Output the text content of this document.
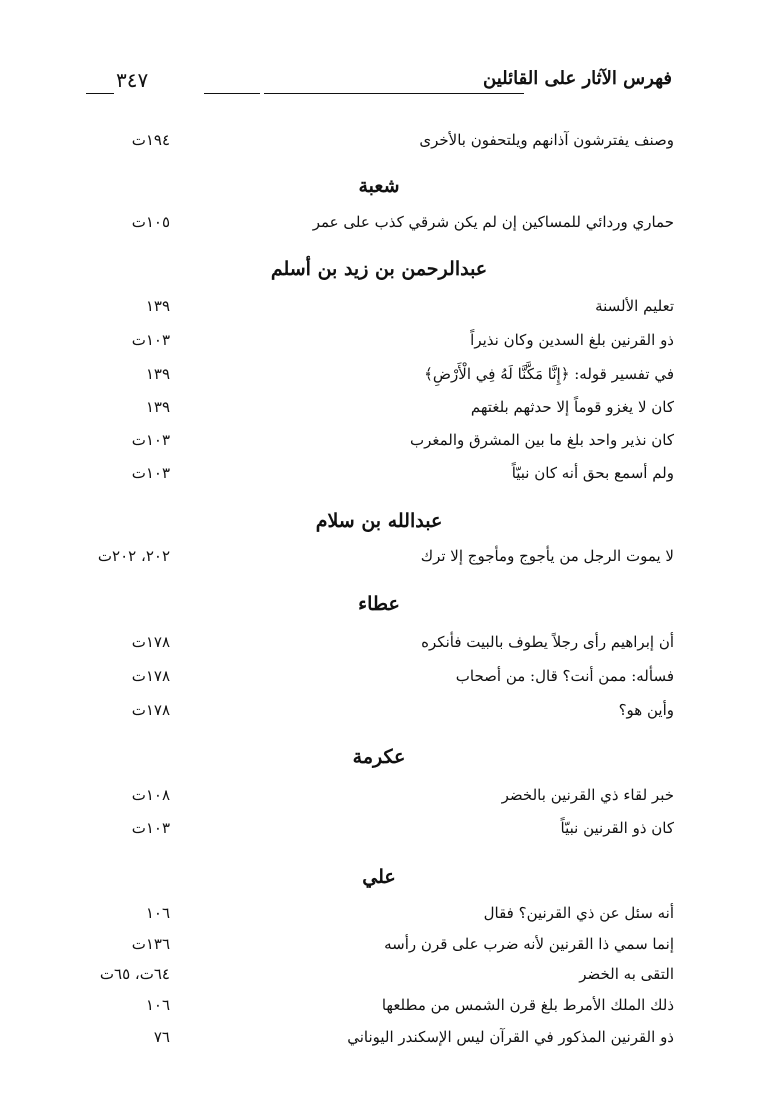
٣٤٧	فهرس الآثار على القائلين
وصنف يفترشون آذانهم ويلتحفون بالأخرى
١٩٤ت
شعبة
حماري وردائي للمساكين إن لم يكن شرقي كذب على عمر
١٠٥ت
عبدالرحمن بن زيد بن أسلم
تعليم الألسنة
١٣٩
ذو القرنين بلغ السدين وكان نذيراً
١٠٣ت
في تفسير قوله: ﴿إِنَّا مَكَّنَّا لَهُ فِي الْأَرْضِ﴾
١٣٩
كان لا يغزو قوماً إلا حدثهم بلغتهم
١٣٩
كان نذير واحد بلغ ما بين المشرق والمغرب
١٠٣ت
ولم أسمع بحق أنه كان نبيّاً
١٠٣ت
عبدالله بن سلام
لا يموت الرجل من يأجوج ومأجوج إلا ترك
٢٠٢، ٢٠٢ت
عطاء
أن إبراهيم رأى رجلاً يطوف بالبيت فأنكره
١٧٨ت
فسأله: ممن أنت؟ قال: من أصحاب
١٧٨ت
وأين هو؟
١٧٨ت
عكرمة
خبر لقاء ذي القرنين بالخضر
١٠٨ت
كان ذو القرنين نبيّاً
١٠٣ت
علي
أنه سئل عن ذي القرنين؟ فقال
١٠٦
إنما سمي ذا القرنين لأنه ضرب على قرن رأسه
١٣٦ت
التقى به الخضر
٦٤ت، ٦٥ت
ذلك الملك الأمرط بلغ قرن الشمس من مطلعها
١٠٦
ذو القرنين المذكور في القرآن ليس الإسكندر اليوناني
٧٦
